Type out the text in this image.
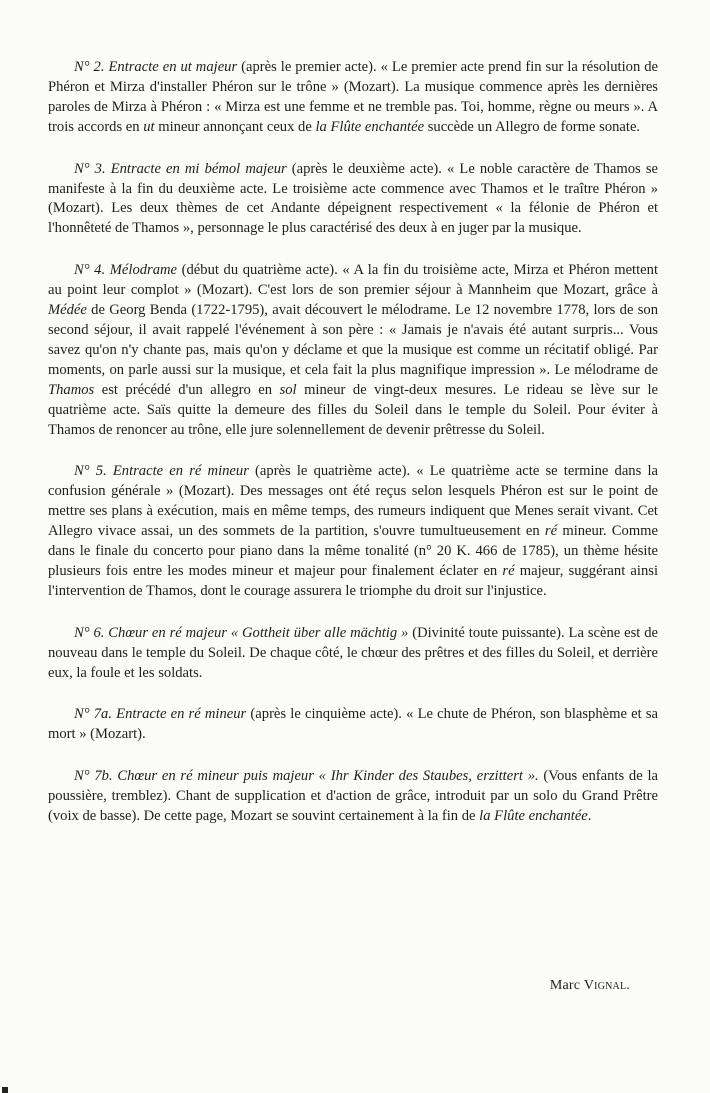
N° 2. Entracte en ut majeur (après le premier acte). « Le premier acte prend fin sur la résolution de Phéron et Mirza d'installer Phéron sur le trône » (Mozart). La musique commence après les dernières paroles de Mirza à Phéron : « Mirza est une femme et ne tremble pas. Toi, homme, règne ou meurs ». A trois accords en ut mineur annonçant ceux de la Flûte enchantée succède un Allegro de forme sonate.

N° 3. Entracte en mi bémol majeur (après le deuxième acte). « Le noble caractère de Thamos se manifeste à la fin du deuxième acte. Le troisième acte commence avec Thamos et le traître Phéron » (Mozart). Les deux thèmes de cet Andante dépeignent respectivement « la félonie de Phéron et l'honnêteté de Thamos », personnage le plus caractérisé des deux à en juger par la musique.

N° 4. Mélodrame (début du quatrième acte). « A la fin du troisième acte, Mirza et Phéron mettent au point leur complot » (Mozart). C'est lors de son premier séjour à Mannheim que Mozart, grâce à Médée de Georg Benda (1722-1795), avait découvert le mélodrame. Le 12 novembre 1778, lors de son second séjour, il avait rappelé l'événement à son père : « Jamais je n'avais été autant surpris... Vous savez qu'on n'y chante pas, mais qu'on y déclame et que la musique est comme un récitatif obligé. Par moments, on parle aussi sur la musique, et cela fait la plus magnifique impression ». Le mélodrame de Thamos est précédé d'un allegro en sol mineur de vingt-deux mesures. Le rideau se lève sur le quatrième acte. Saïs quitte la demeure des filles du Soleil dans le temple du Soleil. Pour éviter à Thamos de renoncer au trône, elle jure solennellement de devenir prêtresse du Soleil.

N° 5. Entracte en ré mineur (après le quatrième acte). « Le quatrième acte se termine dans la confusion générale » (Mozart). Des messages ont été reçus selon lesquels Phéron est sur le point de mettre ses plans à exécution, mais en même temps, des rumeurs indiquent que Menes serait vivant. Cet Allegro vivace assai, un des sommets de la partition, s'ouvre tumultueusement en ré mineur. Comme dans le finale du concerto pour piano dans la même tonalité (n° 20 K. 466 de 1785), un thème hésite plusieurs fois entre les modes mineur et majeur pour finalement éclater en ré majeur, suggérant ainsi l'intervention de Thamos, dont le courage assurera le triomphe du droit sur l'injustice.

N° 6. Chœur en ré majeur « Gottheit über alle mächtig » (Divinité toute puissante). La scène est de nouveau dans le temple du Soleil. De chaque côté, le chœur des prêtres et des filles du Soleil, et derrière eux, la foule et les soldats.

N° 7a. Entracte en ré mineur (après le cinquième acte). « Le chute de Phéron, son blasphème et sa mort » (Mozart).

N° 7b. Chœur en ré mineur puis majeur « Ihr Kinder des Staubes, erzittert ». (Vous enfants de la poussière, tremblez). Chant de supplication et d'action de grâce, introduit par un solo du Grand Prêtre (voix de basse). De cette page, Mozart se souvint certainement à la fin de la Flûte enchantée.

Marc Vignal.
